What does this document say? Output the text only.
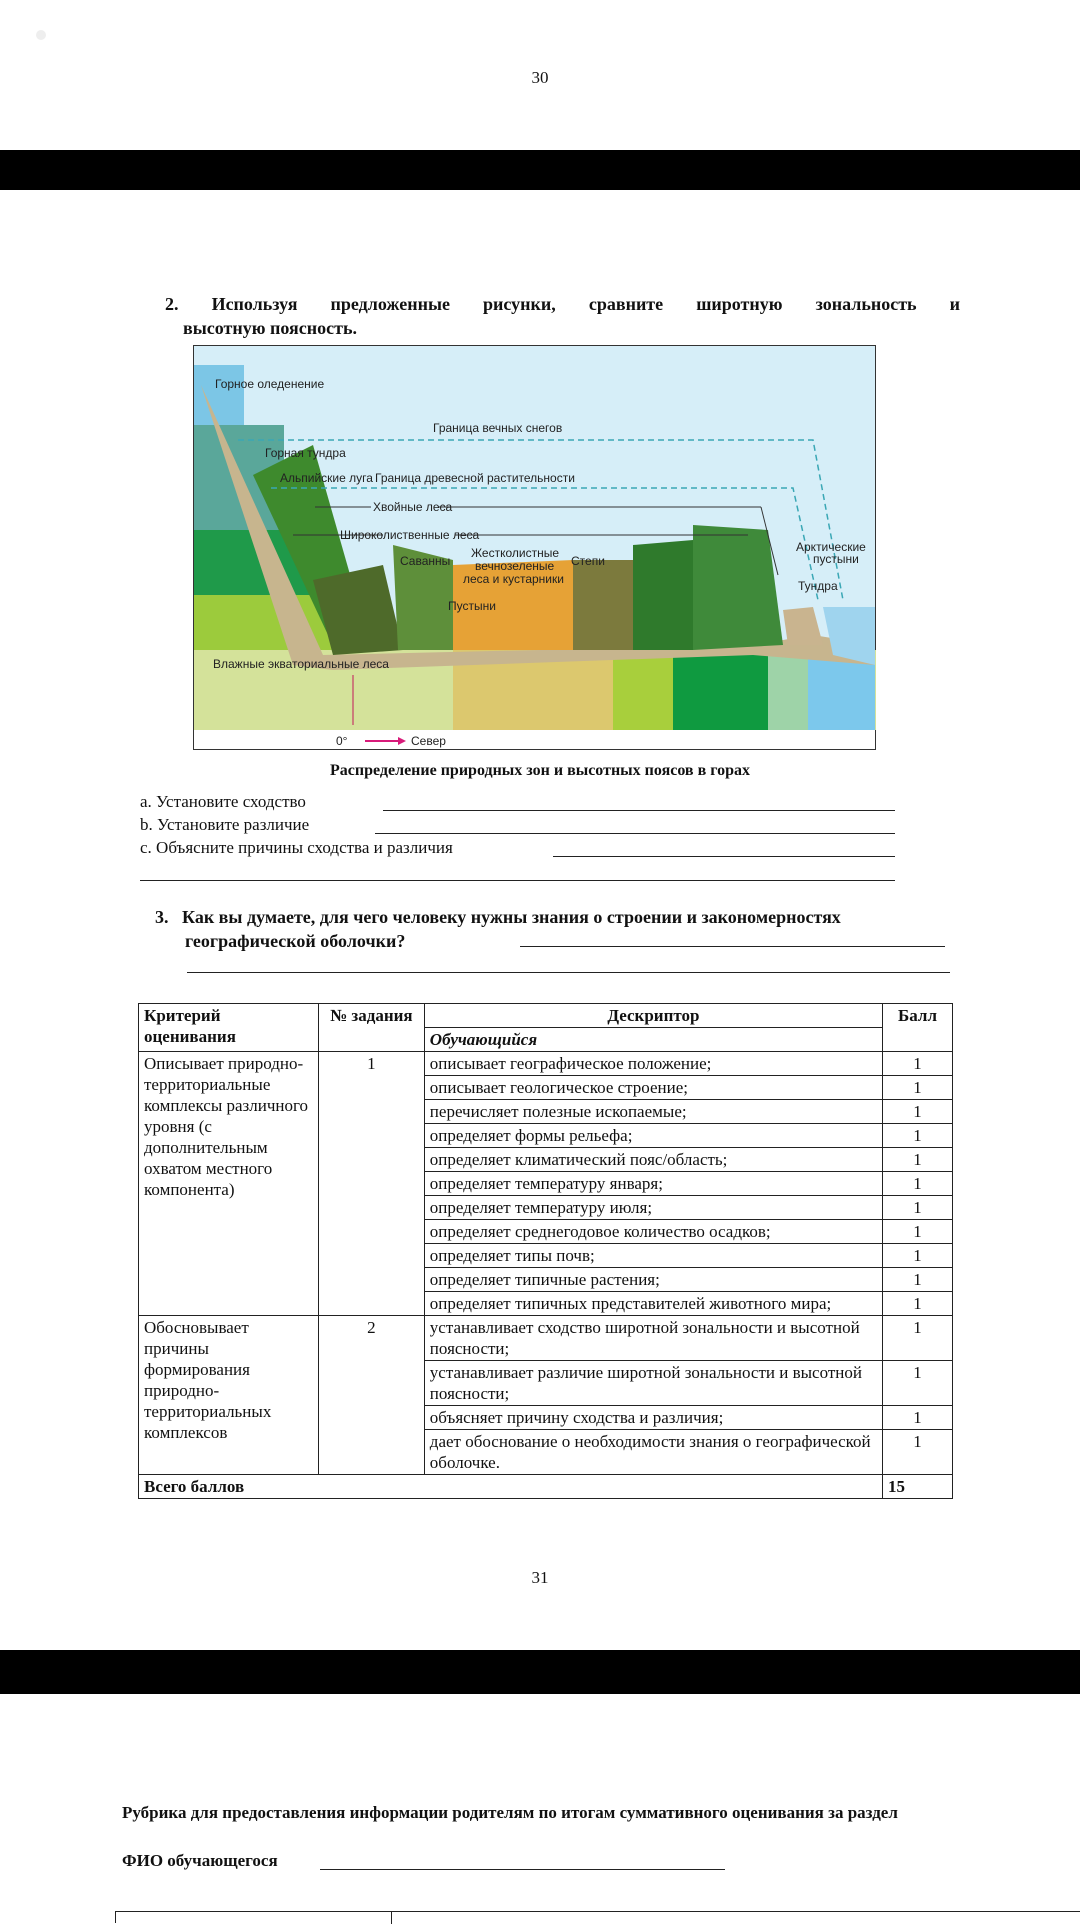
30
2. Используя предложенные рисунки, сравните широтную зональность и
высотную поясность.
Горное оледенение
Граница вечных снегов
Горная тундра
Альпийские луга Граница древесной растительности
Хвойные леса
Широколиственные леса
Саванны
Жестколистные
вечнозеленые
леса и кустарники
Степи
Арктические
пустыни
Тундра
Пустыни
Влажные экваториальные леса
0°	Север
Распределение природных зон и высотных поясов в горах
a. Установите сходство
b. Установите различие
c. Объясните причины сходства и различия
3. Как вы думаете, для чего человеку нужны знания о строении и закономерностях
географической оболочки?
Критерий оценивания	№ задания	Дескриптор	Балл
		Обучающийся	
Описывает природно-территориальные комплексы различного уровня (с дополнительным охватом местного компонента)	1	описывает географическое положение;	1
		описывает геологическое строение;	1
		перечисляет полезные ископаемые;	1
		определяет формы рельефа;	1
		определяет климатический пояс/область;	1
		определяет температуру января;	1
		определяет температуру июля;	1
		определяет среднегодовое количество осадков;	1
		определяет типы почв;	1
		определяет типичные растения;	1
		определяет типичных представителей животного мира;	1
Обосновывает причины формирования природно-территориальных комплексов	2	устанавливает сходство широтной зональности и высотной поясности;	1
		устанавливает различие широтной зональности и высотной поясности;	1
		объясняет причину сходства и различия;	1
		дает обоснование о необходимости знания о географической оболочке.	1
Всего баллов			15
31
Рубрика для предоставления информации родителям по итогам суммативного оценивания за раздел
ФИО обучающегося
